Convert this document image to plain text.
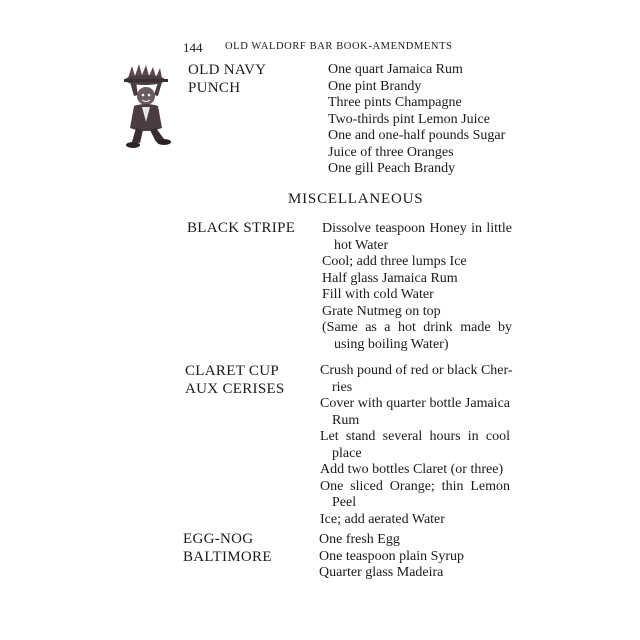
144 OLD WALDORF BAR BOOK-AMENDMENTS
OLD NAVY
PUNCH
One quart Jamaica Rum
One pint Brandy
Three pints Champagne
Two-thirds pint Lemon Juice
One and one-half pounds Sugar
Juice of three Oranges
One gill Peach Brandy
MISCELLANEOUS
BLACK STRIPE Dissolve teaspoon Honey in little
hot Water
Cool; add three lumps Ice
Half glass Jamaica Rum
Fill with cold Water
Grate Nutmeg on top
(Same as a hot drink made by
using boiling Water)
CLARET CUP
AUX CERISES
Crush pound of red or black Cher-
ries
Cover with quarter bottle Jamaica
Rum
Let stand several hours in cool
place
Add two bottles Claret (or three)
One sliced Orange; thin Lemon
Peel
Ice; add aerated Water
EGG-NOG
BALTIMORE
One fresh Egg
One teaspoon plain Syrup
Quarter glass Madeira
